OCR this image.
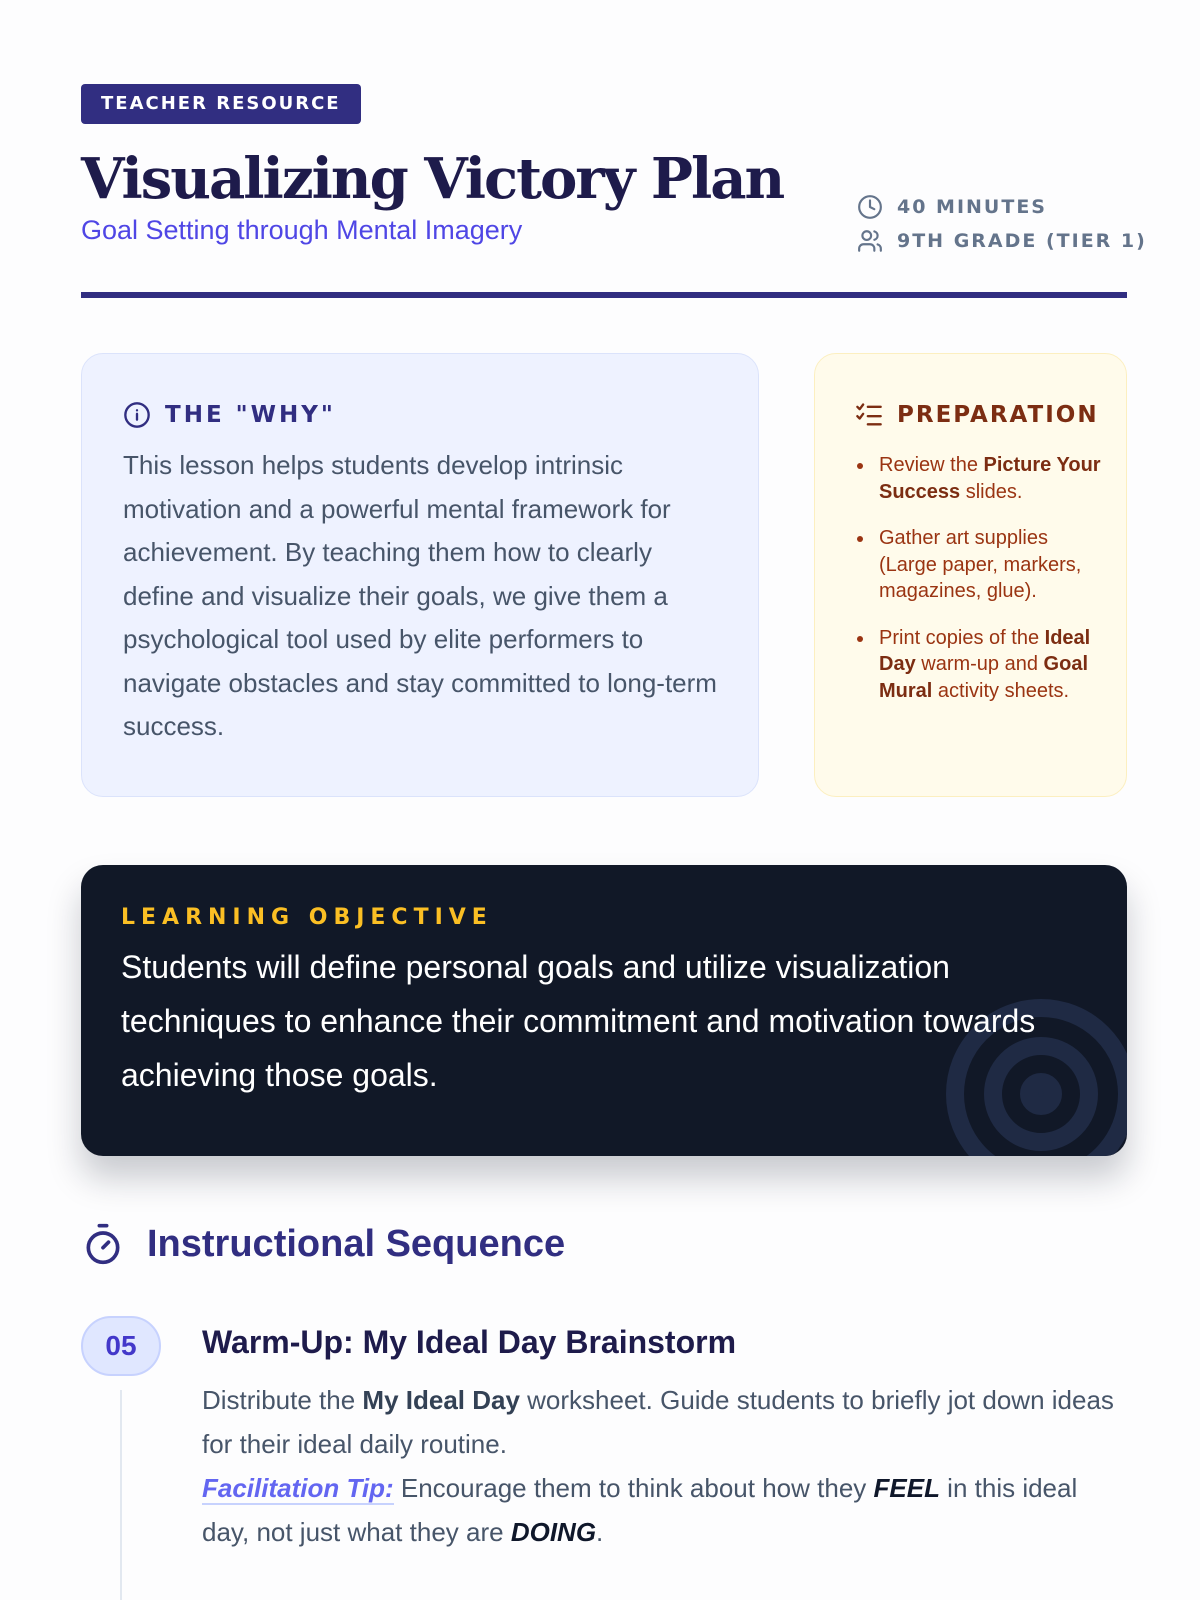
TEACHER RESOURCE
Visualizing Victory Plan
Goal Setting through Mental Imagery
40 MINUTES
9TH GRADE (TIER 1)
THE "WHY"

This lesson helps students develop intrinsic motivation and a powerful mental framework for achievement. By teaching them how to clearly define and visualize their goals, we give them a psychological tool used by elite performers to navigate obstacles and stay committed to long-term success.

PREPARATION
Review the Picture Your Success slides.
Gather art supplies (Large paper, markers, magazines, glue).
Print copies of the Ideal Day warm-up and Goal Mural activity sheets.
LEARNING OBJECTIVE

Students will define personal goals and utilize visualization techniques to enhance their commitment and motivation towards achieving those goals.

Instructional Sequence
05	Warm-Up: My Ideal Day Brainstorm

Distribute the My Ideal Day worksheet. Guide students to briefly jot down ideas for their ideal daily routine.
Facilitation Tip: Encourage them to think about how they FEEL in this ideal day, not just what they are DOING.
